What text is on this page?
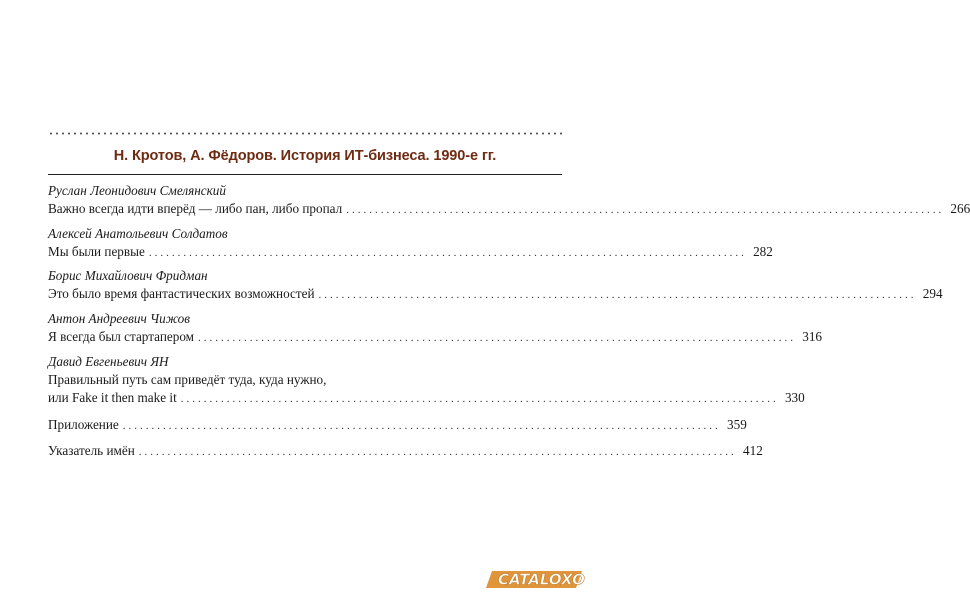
Н. Кротов, А. Фёдоров. История ИТ-бизнеса. 1990-е гг.
Руслан Леонидович Смелянский
Важно всегда идти вперёд — либо пан, либо пропал ........................................................................................................ 266
Алексей Анатольевич Солдатов
Мы были первые ........................................................................................................ 282
Борис Михайлович Фридман
Это было время фантастических возможностей ........................................................................................................ 294
Антон Андреевич Чижов
Я всегда был стартапером ........................................................................................................ 316
Давид Евгеньевич ЯН
Правильный путь сам приведёт туда, куда нужно,
или Fake it then make it ........................................................................................................ 330
Приложение ........................................................................................................ 359
Указатель имён ........................................................................................................ 412
CATALOXO
